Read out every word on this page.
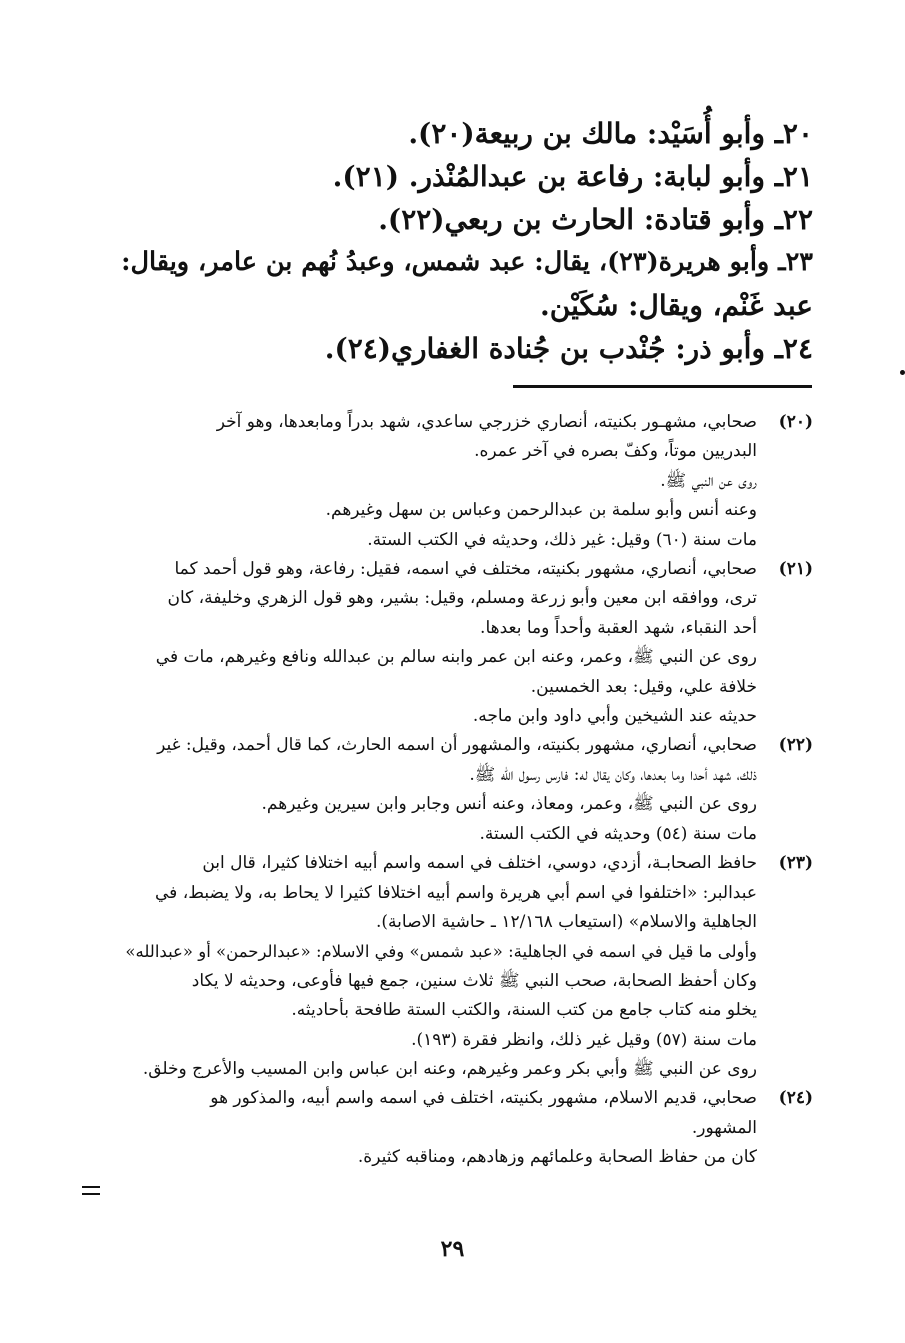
٢٠ـ وأبو أُسَيْد: مالك بن ربيعة(٢٠).
٢١ـ وأبو لبابة: رفاعة بن عبدالمُنْذر. (٢١).
٢٢ـ وأبو قتادة: الحارث بن ربعي(٢٢).
٢٣ـ وأبو هريرة(٢٣)، يقال: عبد شمس، وعبدُ نُهم بن عامر، ويقال:
عبد غَنْم، ويقال: سُكَيْن.
٢٤ـ وأبو ذر: جُنْدب بن جُنادة الغفاري(٢٤).
(٢٠)
صحابي، مشهـور بكنيته، أنصاري خزرجي ساعدي، شهد بدراً ومابعدها، وهو آخر
البدريين موتاً، وكفّ بصره في آخر عمره.
روى عن النبي ﷺ.
وعنه أنس وأبو سلمة بن عبدالرحمن وعباس بن سهل وغيرهم.
مات سنة (٦٠) وقيل: غير ذلك، وحديثه في الكتب الستة.
(٢١)
صحابي، أنصاري، مشهور بكنيته، مختلف في اسمه، فقيل: رفاعة، وهو قول أحمد كما
ترى، ووافقه ابن معين وأبو زرعة ومسلم، وقيل: بشير، وهو قول الزهري وخليفة، كان
أحد النقباء، شهد العقبة وأحداً وما بعدها.
روى عن النبي ﷺ، وعمر، وعنه ابن عمر وابنه سالم بن عبدالله ونافع وغيرهم، مات في
خلافة علي، وقيل: بعد الخمسين.
حديثه عند الشيخين وأبي داود وابن ماجه.
(٢٢)
صحابي، أنصاري، مشهور بكنيته، والمشهور أن اسمه الحارث، كما قال أحمد، وقيل: غير
ذلك، شهد أحدا وما بعدها، وكان يقال له: فارس رسول الله ﷺ.
روى عن النبي ﷺ، وعمر، ومعاذ، وعنه أنس وجابر وابن سيرين وغيرهم.
مات سنة (٥٤) وحديثه في الكتب الستة.
(٢٣)
حافظ الصحابـة، أزدي، دوسي، اختلف في اسمه واسم أبيه اختلافا كثيرا، قال ابن
عبدالبر: «اختلفوا في اسم أبي هريرة واسم أبيه اختلافا كثيرا لا يحاط به، ولا يضبط، في
الجاهلية والاسلام» (استيعاب ١٢/١٦٨ ـ حاشية الاصابة).
وأولى ما قيل في اسمه في الجاهلية: «عبد شمس» وفي الاسلام: «عبدالرحمن» أو «عبدالله»
وكان أحفظ الصحابة، صحب النبي ﷺ ثلاث سنين، جمع فيها فأوعى، وحديثه لا يكاد
يخلو منه كتاب جامع من كتب السنة، والكتب الستة طافحة بأحاديثه.
مات سنة (٥٧) وقيل غير ذلك، وانظر فقرة (١٩٣).
روى عن النبي ﷺ وأبي بكر وعمر وغيرهم، وعنه ابن عباس وابن المسيب والأعرج وخلق.
(٢٤)
صحابي، قديم الاسلام، مشهور بكنيته، اختلف في اسمه واسم أبيه، والمذكور هو
المشهور.
كان من حفاظ الصحابة وعلمائهم وزهادهم، ومناقبه كثيرة.
٢٩
